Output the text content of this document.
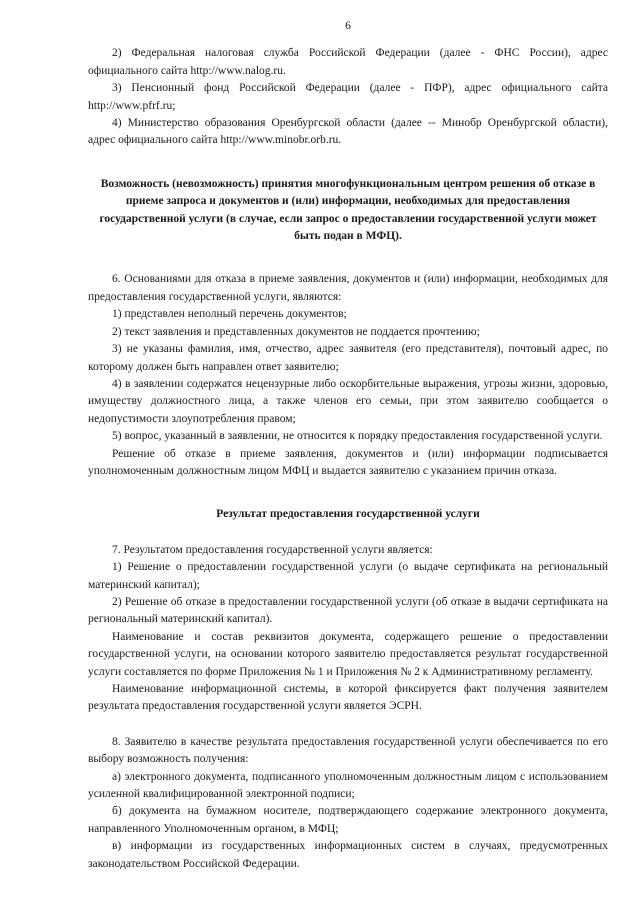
6

2) Федеральная налоговая служба Российской Федерации (далее - ФНС России), адрес официального сайта http://www.nalog.ru.

3) Пенсионный фонд Российской Федерации (далее - ПФР), адрес официального сайта http://www.pfrf.ru;

4) Министерство образования Оренбургской области (далее -- Минобр Оренбургской области), адрес официального сайта http://www.minobr.orb.ru.

Возможность (невозможность) принятия многофункциональным центром решения об отказе в приеме запроса и документов и (или) информации, необходимых для предоставления государственной услуги (в случае, если запрос о предоставлении государственной услуги может быть подан в МФЦ).

6. Основаниями для отказа в приеме заявления, документов и (или) информации, необходимых для предоставления государственной услуги, являются:

1) представлен неполный перечень документов;

2) текст заявления и представленных документов не поддается прочтению;

3) не указаны фамилия, имя, отчество, адрес заявителя (его представителя), почтовый адрес, по которому должен быть направлен ответ заявителю;

4) в заявлении содержатся нецензурные либо оскорбительные выражения, угрозы жизни, здоровью, имуществу должностного лица, а также членов его семьи, при этом заявителю сообщается о недопустимости злоупотребления правом;

5) вопрос, указанный в заявлении, не относится к порядку предоставления государственной услуги.

Решение об отказе в приеме заявления, документов и (или) информации подписывается уполномоченным должностным лицом МФЦ и выдается заявителю с указанием причин отказа.

Результат предоставления государственной услуги

7. Результатом предоставления государственной услуги является:

1) Решение о предоставлении государственной услуги (о выдаче сертификата на региональный материнский капитал);

2) Решение об отказе в предоставлении государственной услуги (об отказе в выдачи сертификата на региональный материнский капитал).

Наименование и состав реквизитов документа, содержащего решение о предоставлении государственной услуги, на основании которого заявителю предоставляется результат государственной услуги составляется по форме Приложения № 1 и Приложения № 2 к Административному регламенту.

Наименование информационной системы, в которой фиксируется факт получения заявителем результата предоставления государственной услуги является ЭСРН.

8. Заявителю в качестве результата предоставления государственной услуги обеспечивается по его выбору возможность получения:

а) электронного документа, подписанного уполномоченным должностным лицом с использованием усиленной квалифицированной электронной подписи;

б) документа на бумажном носителе, подтверждающего содержание электронного документа, направленного Уполномоченным органом, в МФЦ;

в) информации из государственных информационных систем в случаях, предусмотренных законодательством Российской Федерации.
